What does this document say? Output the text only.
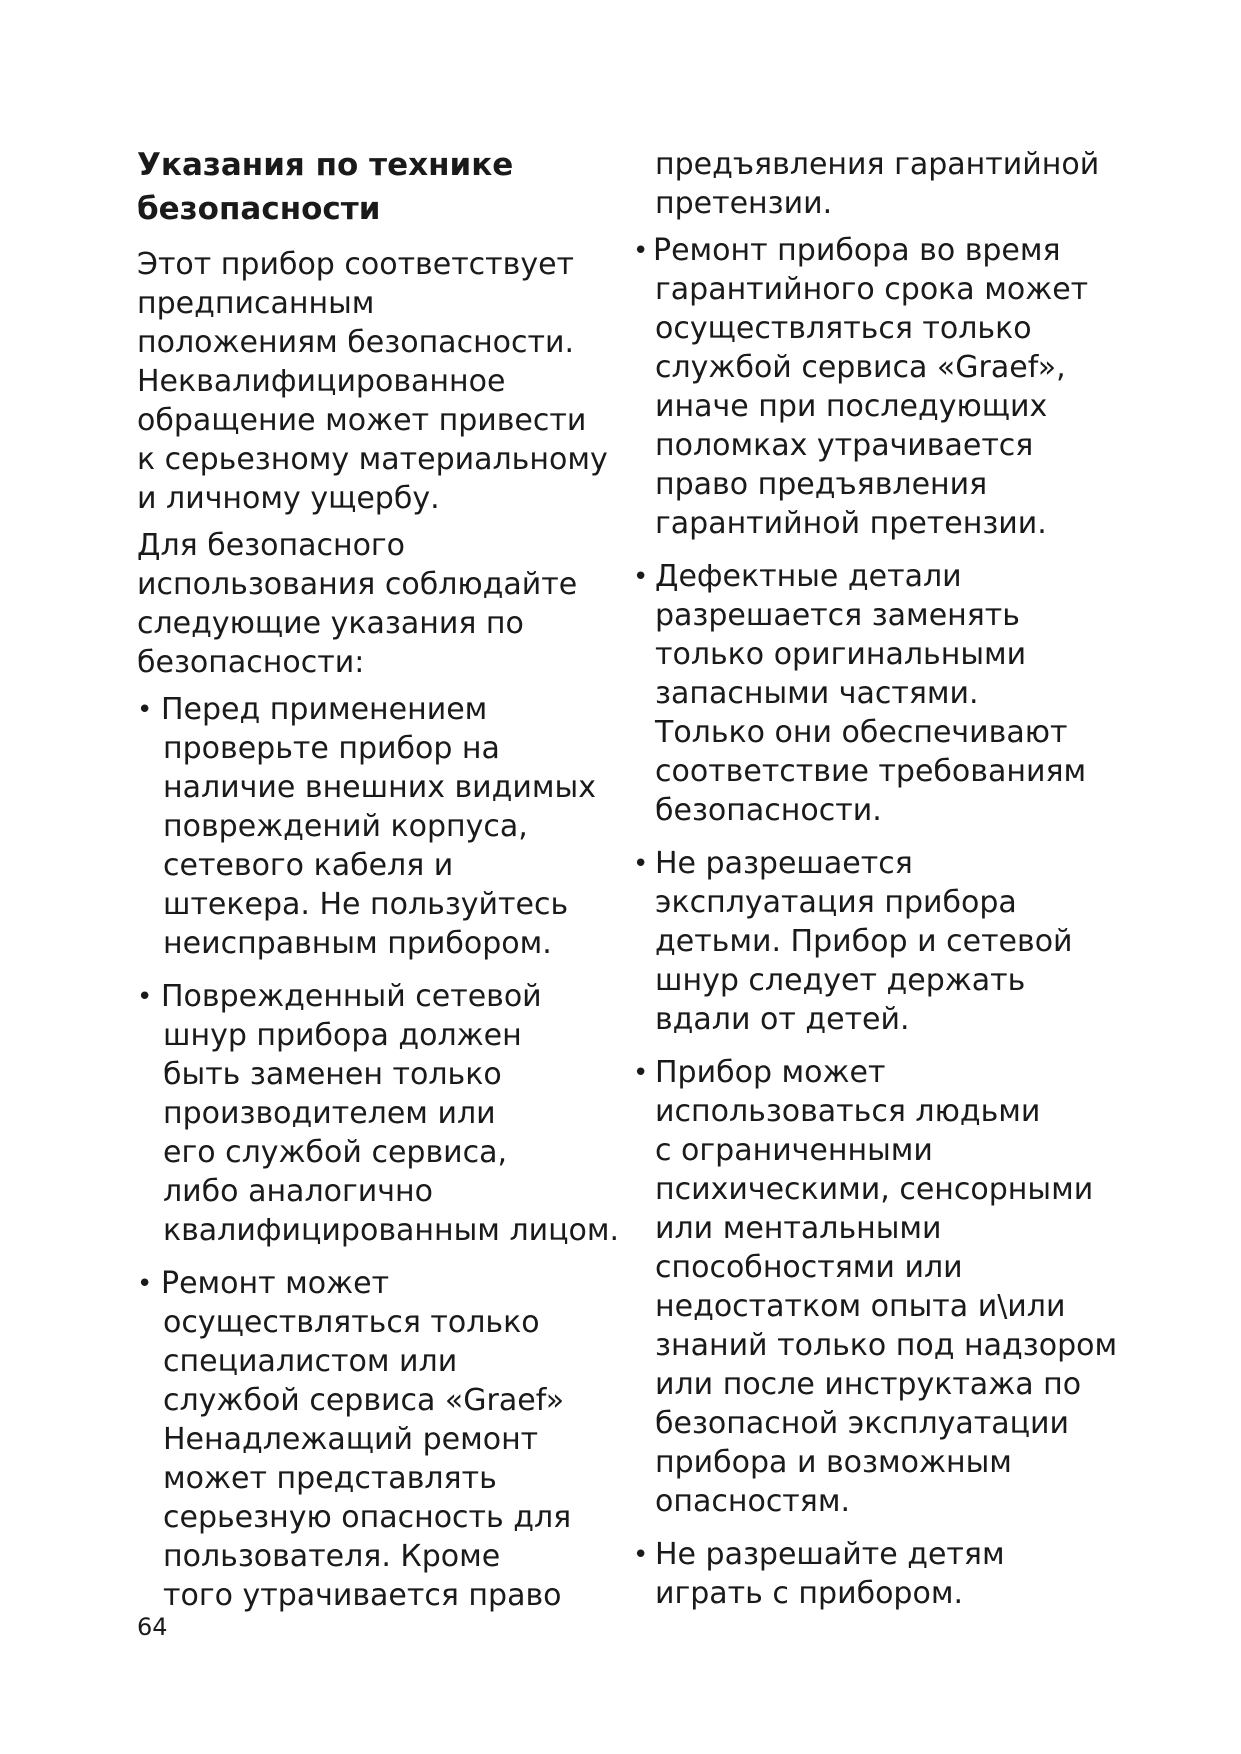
Указания по технике
безопасности
Этот прибор соответствует
предписанным
положениям безопасности.
Неквалифицированное
обращение может привести
к серьезному материальному
и личному ущербу.
Для безопасного
использования соблюдайте
следующие указания по
безопасности:
• Перед применением
проверьте прибор на
наличие внешних видимых
повреждений корпуса,
сетевого кабеля и
штекера. Не пользуйтесь
неисправным прибором.
• Поврежденный сетевой
шнур прибора должен
быть заменен только
производителем или
его службой сервиса,
либо аналогично
квалифицированным лицом.
• Ремонт может
осуществляться только
специалистом или
службой сервиса «Graef»
Ненадлежащий ремонт
может представлять
серьезную опасность для
пользователя. Кроме
того утрачивается право
64
предъявления гарантийной
претензии.
• Ремонт прибора во время
гарантийного срока может
осуществляться только
службой сервиса «Graef»,
иначе при последующих
поломках утрачивается
право предъявления
гарантийной претензии.
• Дефектные детали
разрешается заменять
только оригинальными
запасными частями.
Только они обеспечивают
соответствие требованиям
безопасности.
• Не разрешается
эксплуатация прибора
детьми. Прибор и сетевой
шнур следует держать
вдали от детей.
• Прибор может
использоваться людьми
с ограниченными
психическими, сенсорными
или ментальными
способностями или
недостатком опыта и\или
знаний только под надзором
или после инструктажа по
безопасной эксплуатации
прибора и возможным
опасностям.
• Не разрешайте детям
играть с прибором.
